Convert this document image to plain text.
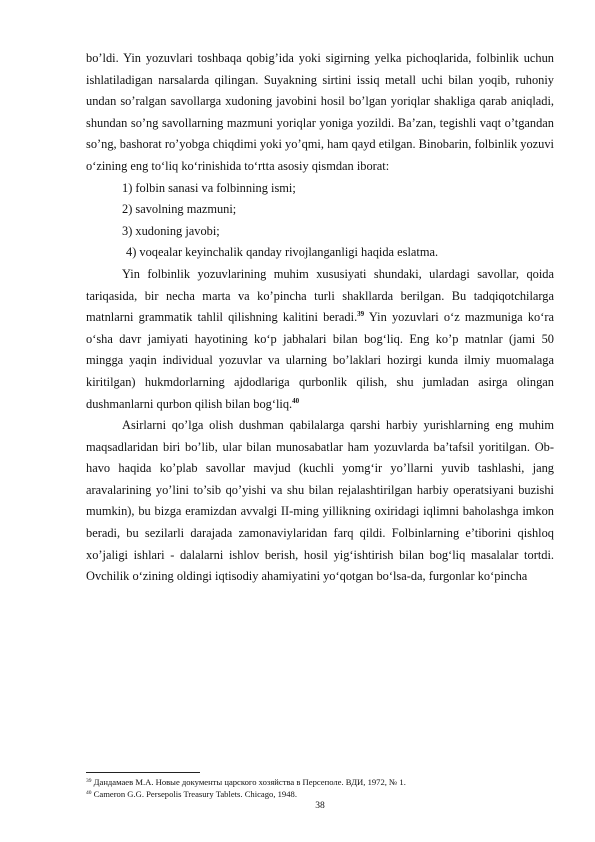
bo’ldi. Yin yozuvlari toshbaqa qobig’ida yoki sigirning yelka pichoqlarida, folbinlik uchun ishlatiladigan narsalarda qilingan. Suyakning sirtini issiq metall uchi bilan yoqib, ruhoniy undan so’ralgan savollarga xudoning javobini hosil bo’lgan yoriqlar shakliga qarab aniqladi, shundan so’ng savollarning mazmuni yoriqlar yoniga yozildi. Ba’zan, tegishli vaqt o’tgandan so’ng, bashorat ro’yobga chiqdimi yoki yo’qmi, ham qayd etilgan. Binobarin, folbinlik yozuvi o‘zining eng to‘liq ko‘rinishida to‘rtta asosiy qismdan iborat:

1) folbin sanasi va folbinning ismi;

2) savolning mazmuni;

3) xudoning javobi;

4) voqealar keyinchalik qanday rivojlanganligi haqida eslatma.

Yin folbinlik yozuvlarining muhim xususiyati shundaki, ulardagi savollar, qoida tariqasida, bir necha marta va ko’pincha turli shakllarda berilgan. Bu tadqiqotchilarga matnlarni grammatik tahlil qilishning kalitini beradi.$^{39}$ Yin yozuvlari o‘z mazmuniga ko‘ra o‘sha davr jamiyati hayotining ko‘p jabhalari bilan bog‘liq. Eng ko’p matnlar (jami 50 mingga yaqin individual yozuvlar va ularning bo’laklari hozirgi kunda ilmiy muomalaga kiritilgan) hukmdorlarning ajdodlariga qurbonlik qilish, shu jumladan asirga olingan dushmanlarni qurbon qilish bilan bog‘liq.$^{40}$

Asirlarni qo’lga olish dushman qabilalarga qarshi harbiy yurishlarning eng muhim maqsadlaridan biri bo’lib, ular bilan munosabatlar ham yozuvlarda ba’tafsil yoritilgan. Ob-havo haqida ko’plab savollar mavjud (kuchli yomg‘ir yo’llarni yuvib tashlashi, jang aravalarining yo’lini to’sib qo’yishi va shu bilan rejalashtirilgan harbiy operatsiyani buzishi mumkin), bu bizga eramizdan avvalgi II-ming yillikning oxiridagi iqlimni baholashga imkon beradi, bu sezilarli darajada zamonaviylaridan farq qildi. Folbinlarning e’tiborini qishloq xo’jaligi ishlari - dalalarni ishlov berish, hosil yig‘ishtirish bilan bog‘liq masalalar tortdi. Ovchilik o‘zining oldingi iqtisodiy ahamiyatini yo‘qotgan bo‘lsa-da, furgonlar ko‘pincha

$^{39}$ Дандамаев М.А. Новые документы царского хозяйства в Персеполе. ВДИ, 1972, № 1.

$^{40}$ Cameron G.G. Persepolis Treasury Tablets. Chicago, 1948.

38
